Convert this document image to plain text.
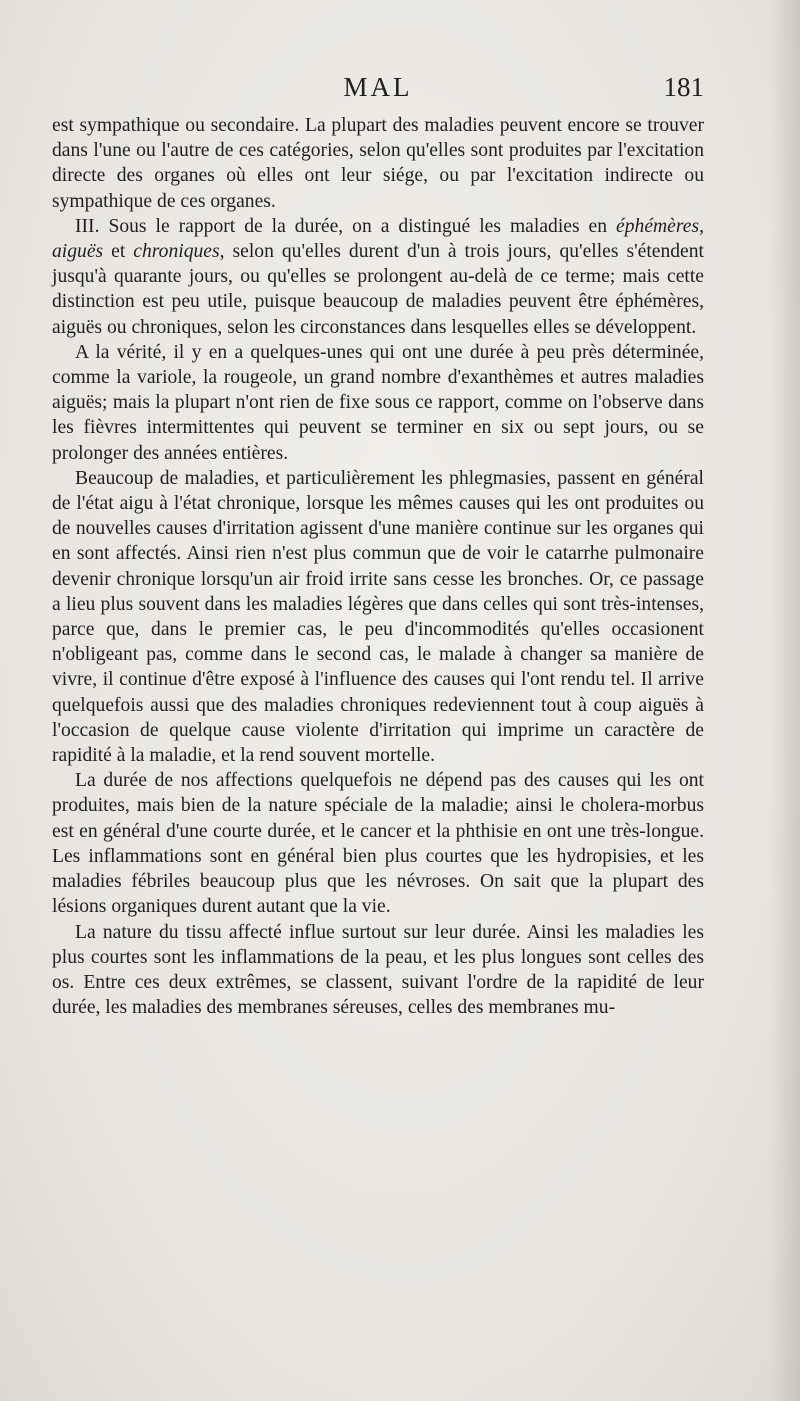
MAL	181

est sympathique ou secondaire. La plupart des maladies peuvent encore se trouver dans l'une ou l'autre de ces catégories, selon qu'elles sont produites par l'excitation directe des organes où elles ont leur siége, ou par l'excitation indirecte ou sympathique de ces organes.

III. Sous le rapport de la durée, on a distingué les maladies en éphémères, aiguës et chroniques, selon qu'elles durent d'un à trois jours, qu'elles s'étendent jusqu'à quarante jours, ou qu'elles se prolongent au-delà de ce terme; mais cette distinction est peu utile, puisque beaucoup de maladies peuvent être éphémères, aiguës ou chroniques, selon les circonstances dans lesquelles elles se développent.

A la vérité, il y en a quelques-unes qui ont une durée à peu près déterminée, comme la variole, la rougeole, un grand nombre d'exanthèmes et autres maladies aiguës; mais la plupart n'ont rien de fixe sous ce rapport, comme on l'observe dans les fièvres intermittentes qui peuvent se terminer en six ou sept jours, ou se prolonger des années entières.

Beaucoup de maladies, et particulièrement les phlegmasies, passent en général de l'état aigu à l'état chronique, lorsque les mêmes causes qui les ont produites ou de nouvelles causes d'irritation agissent d'une manière continue sur les organes qui en sont affectés. Ainsi rien n'est plus commun que de voir le catarrhe pulmonaire devenir chronique lorsqu'un air froid irrite sans cesse les bronches. Or, ce passage a lieu plus souvent dans les maladies légères que dans celles qui sont très-intenses, parce que, dans le premier cas, le peu d'incommodités qu'elles occasionent n'obligeant pas, comme dans le second cas, le malade à changer sa manière de vivre, il continue d'être exposé à l'influence des causes qui l'ont rendu tel. Il arrive quelquefois aussi que des maladies chroniques redeviennent tout à coup aiguës à l'occasion de quelque cause violente d'irritation qui imprime un caractère de rapidité à la maladie, et la rend souvent mortelle.

La durée de nos affections quelquefois ne dépend pas des causes qui les ont produites, mais bien de la nature spéciale de la maladie; ainsi le cholera-morbus est en général d'une courte durée, et le cancer et la phthisie en ont une très-longue. Les inflammations sont en général bien plus courtes que les hydropisies, et les maladies fébriles beaucoup plus que les névroses. On sait que la plupart des lésions organiques durent autant que la vie.

La nature du tissu affecté influe surtout sur leur durée. Ainsi les maladies les plus courtes sont les inflammations de la peau, et les plus longues sont celles des os. Entre ces deux extrêmes, se classent, suivant l'ordre de la rapidité de leur durée, les maladies des membranes séreuses, celles des membranes mu-
